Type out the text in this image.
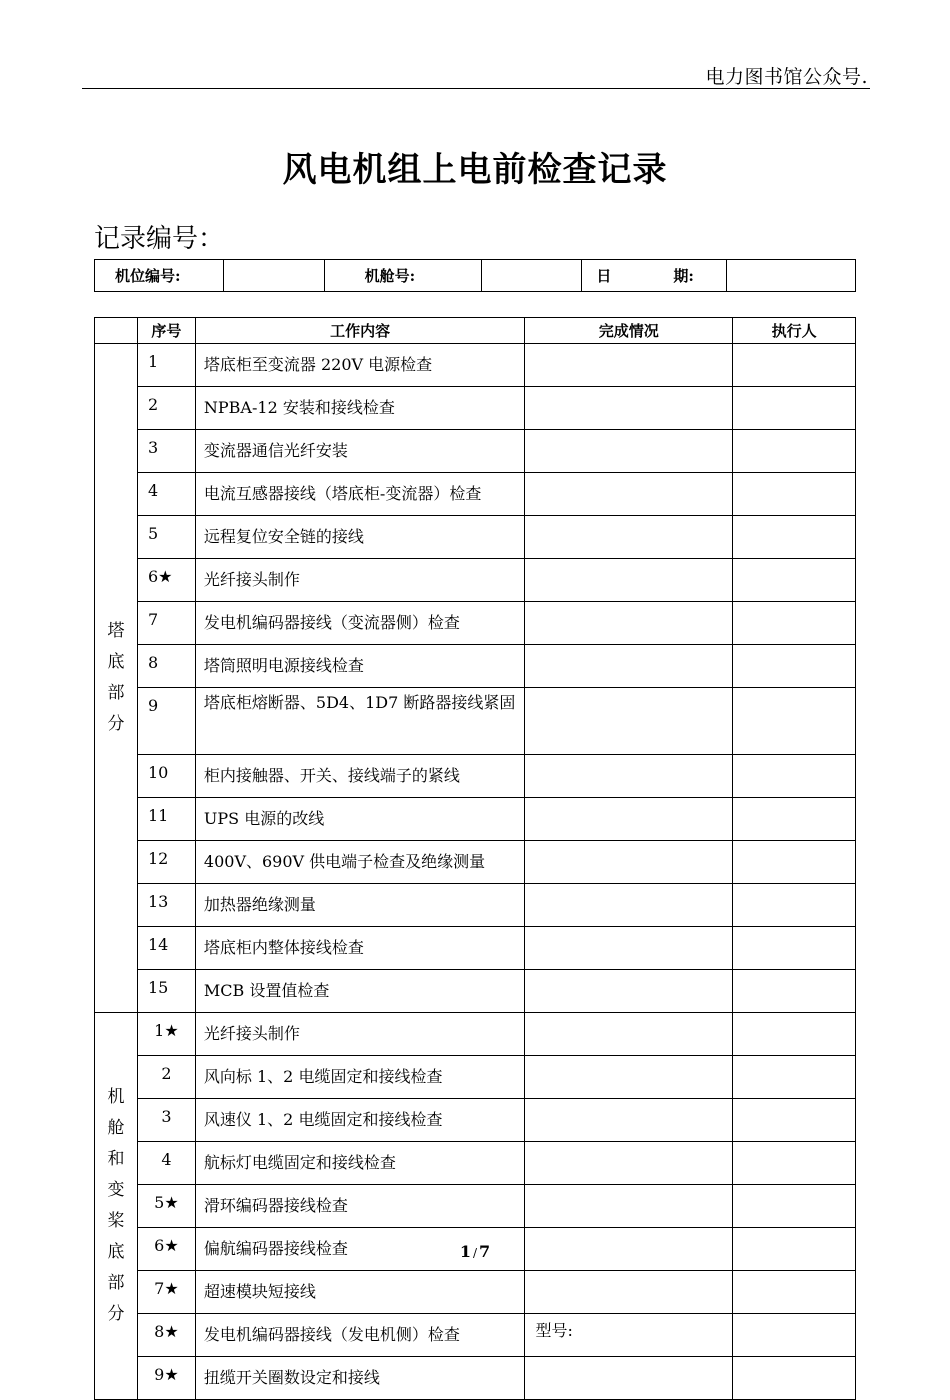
电力图书馆公众号.
风电机组上电前检查记录
记录编号：
机位编号:		机舱号:		日	期:	
	序号	工作内容	完成情况	执行人
塔底部分	1	塔底柜至变流器 220V 电源检查		
	2	NPBA-12 安装和接线检查		
	3	变流器通信光纤安装		
	4	电流互感器接线（塔底柜-变流器）检查		
	5	远程复位安全链的接线		
	6★	光纤接头制作		
	7	发电机编码器接线（变流器侧）检查		
	8	塔筒照明电源接线检查		
	9	塔底柜熔断器、5D4、1D7 断路器接线紧固		
	10	柜内接触器、开关、接线端子的紧线		
	11	UPS 电源的改线		
	12	400V、690V 供电端子检查及绝缘测量		
	13	加热器绝缘测量		
	14	塔底柜内整体接线检查		
	15	MCB 设置值检查		
机舱和变桨底部分	1★	光纤接头制作		
	2	风向标 1、2 电缆固定和接线检查		
	3	风速仪 1、2 电缆固定和接线检查		
	4	航标灯电缆固定和接线检查		
	5★	滑环编码器接线检查		
	6★	偏航编码器接线检查		
	7★	超速模块短接线		
	8★	发电机编码器接线（发电机侧）检查	型号:	
	9★	扭缆开关圈数设定和接线		
1 / 7
